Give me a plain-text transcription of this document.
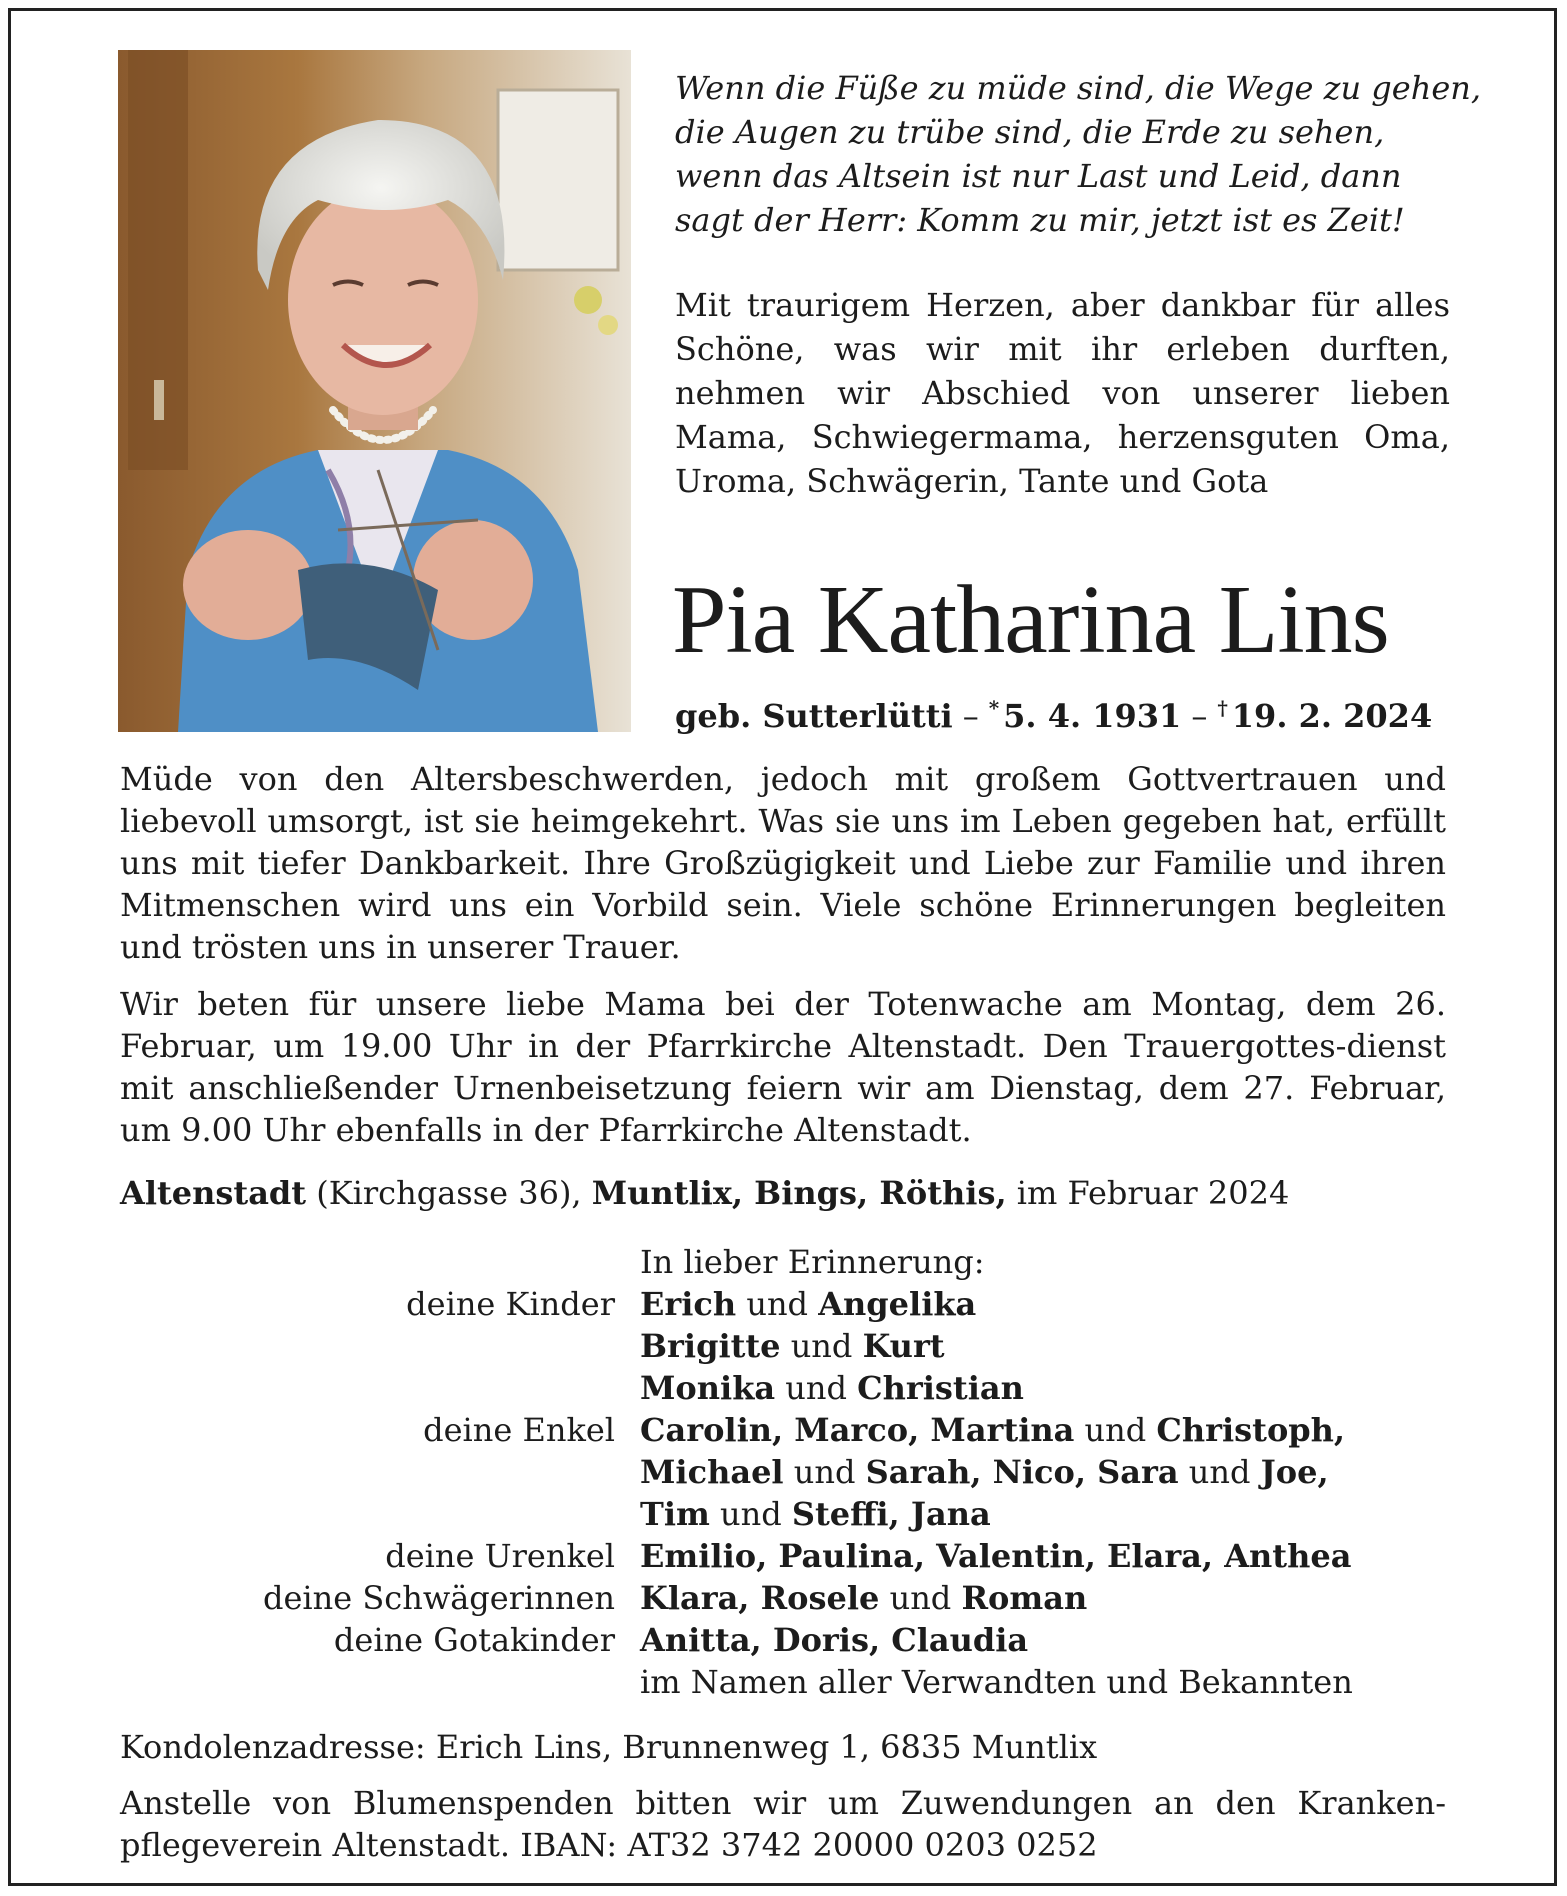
Wenn die Füße zu müde sind, die Wege zu gehen,
die Augen zu trübe sind, die Erde zu sehen,
wenn das Altsein ist nur Last und Leid, dann
sagt der Herr: Komm zu mir, jetzt ist es Zeit!
Mit traurigem Herzen, aber dankbar für alles Schöne, was wir mit ihr erleben durften, nehmen wir Abschied von unserer lieben Mama, Schwiegermama, herzensguten Oma, Uroma, Schwägerin, Tante und Gota
Pia Katharina Lins
geb. Sutterlütti – * 5. 4. 1931 – † 19. 2. 2024

Müde von den Altersbeschwerden, jedoch mit großem Gottvertrauen und liebevoll umsorgt, ist sie heimgekehrt. Was sie uns im Leben gegeben hat, erfüllt uns mit tiefer Dankbarkeit. Ihre Großzügigkeit und Liebe zur Familie und ihren Mitmenschen wird uns ein Vorbild sein. Viele schöne Erinnerungen begleiten und trösten uns in unserer Trauer.

Wir beten für unsere liebe Mama bei der Totenwache am Montag, dem 26. Februar, um 19.00 Uhr in der Pfarrkirche Altenstadt. Den Trauergottes-dienst mit anschließender Urnenbeisetzung feiern wir am Dienstag, dem 27. Februar, um 9.00 Uhr ebenfalls in der Pfarrkirche Altenstadt.

Altenstadt (Kirchgasse 36), Muntlix, Bings, Röthis, im Februar 2024
In lieber Erinnerung:
deine Kinder Erich und Angelika
Brigitte und Kurt
Monika und Christian
deine Enkel Carolin, Marco, Martina und Christoph,
Michael und Sarah, Nico, Sara und Joe,
Tim und Steffi, Jana
deine Urenkel Emilio, Paulina, Valentin, Elara, Anthea
deine Schwägerinnen Klara, Rosele und Roman
deine Gotakinder Anitta, Doris, Claudia
im Namen aller Verwandten und Bekannten
Kondolenzadresse: Erich Lins, Brunnenweg 1, 6835 Muntlix

Anstelle von Blumenspenden bitten wir um Zuwendungen an den Kranken-pflegeverein Altenstadt. IBAN: AT32 3742 20000 0203 0252
